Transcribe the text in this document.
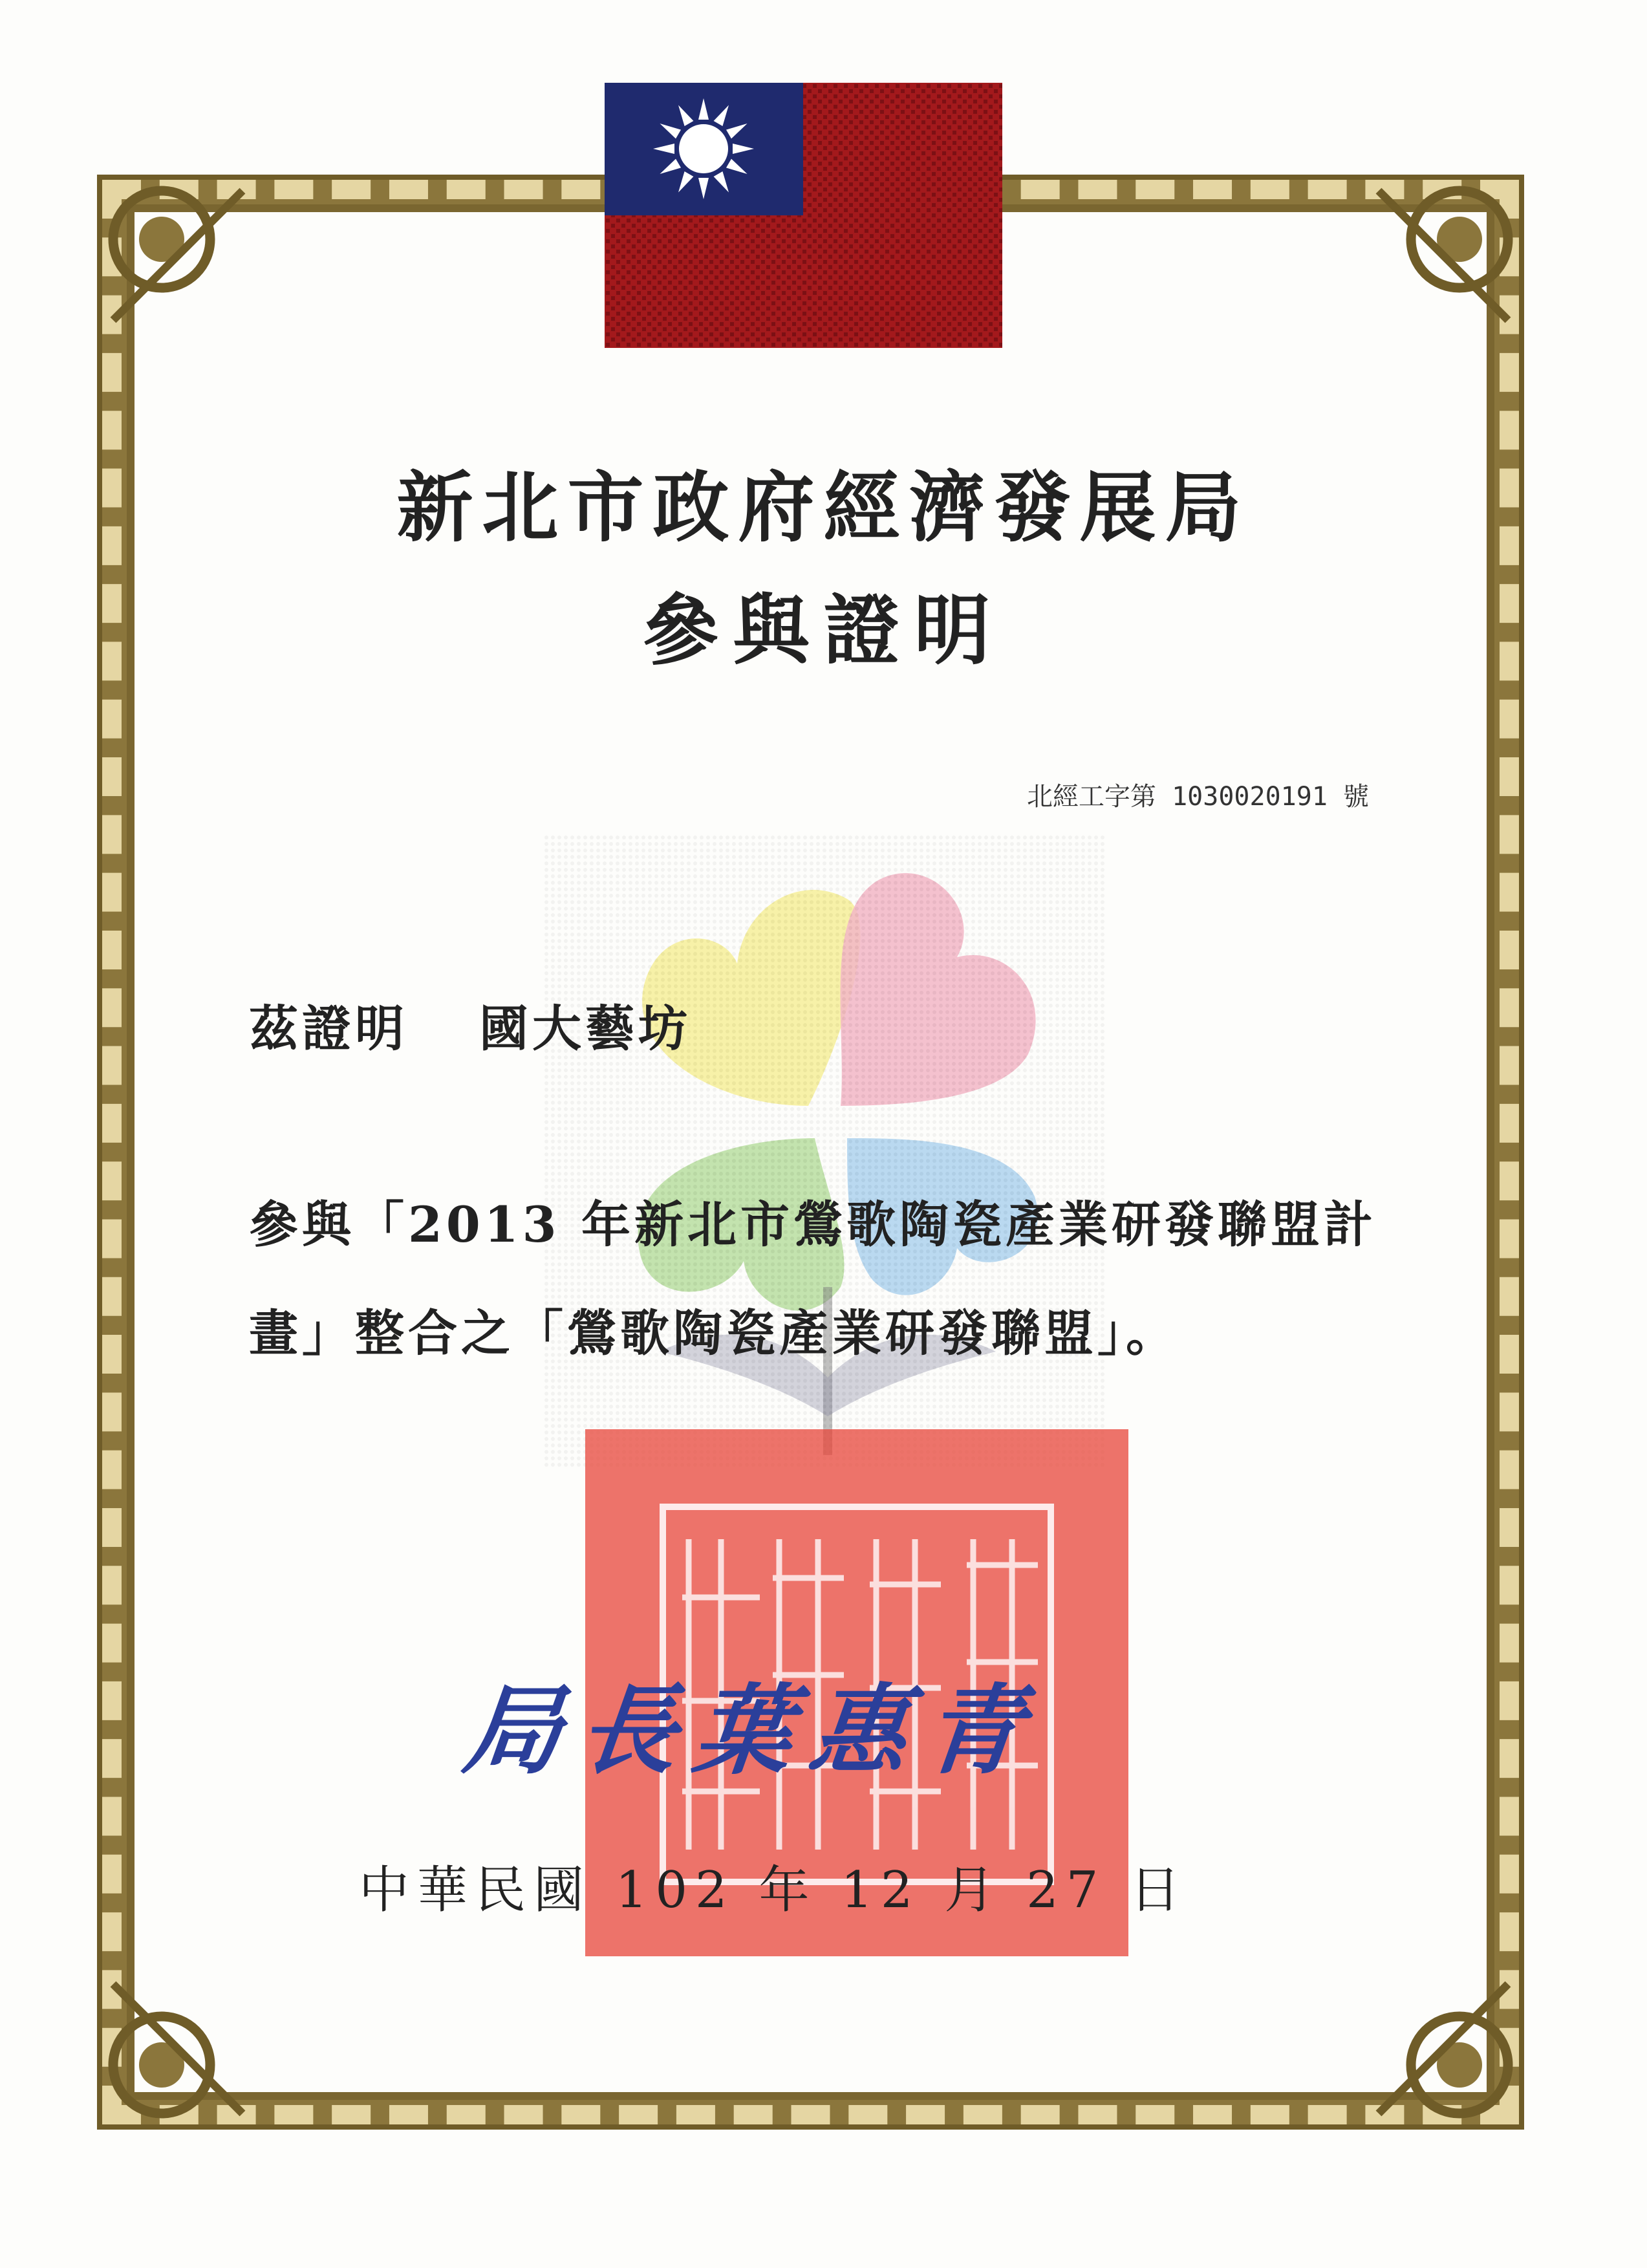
新北市政府經濟發展局
參與證明
北經工字第 1030020191 號
茲證明 國大藝坊
參與「2013 年新北市鶯歌陶瓷產業研發聯盟計畫」整合之「鶯歌陶瓷產業研發聯盟」。
局長葉惠青
中華民國 102 年 12 月 27 日
